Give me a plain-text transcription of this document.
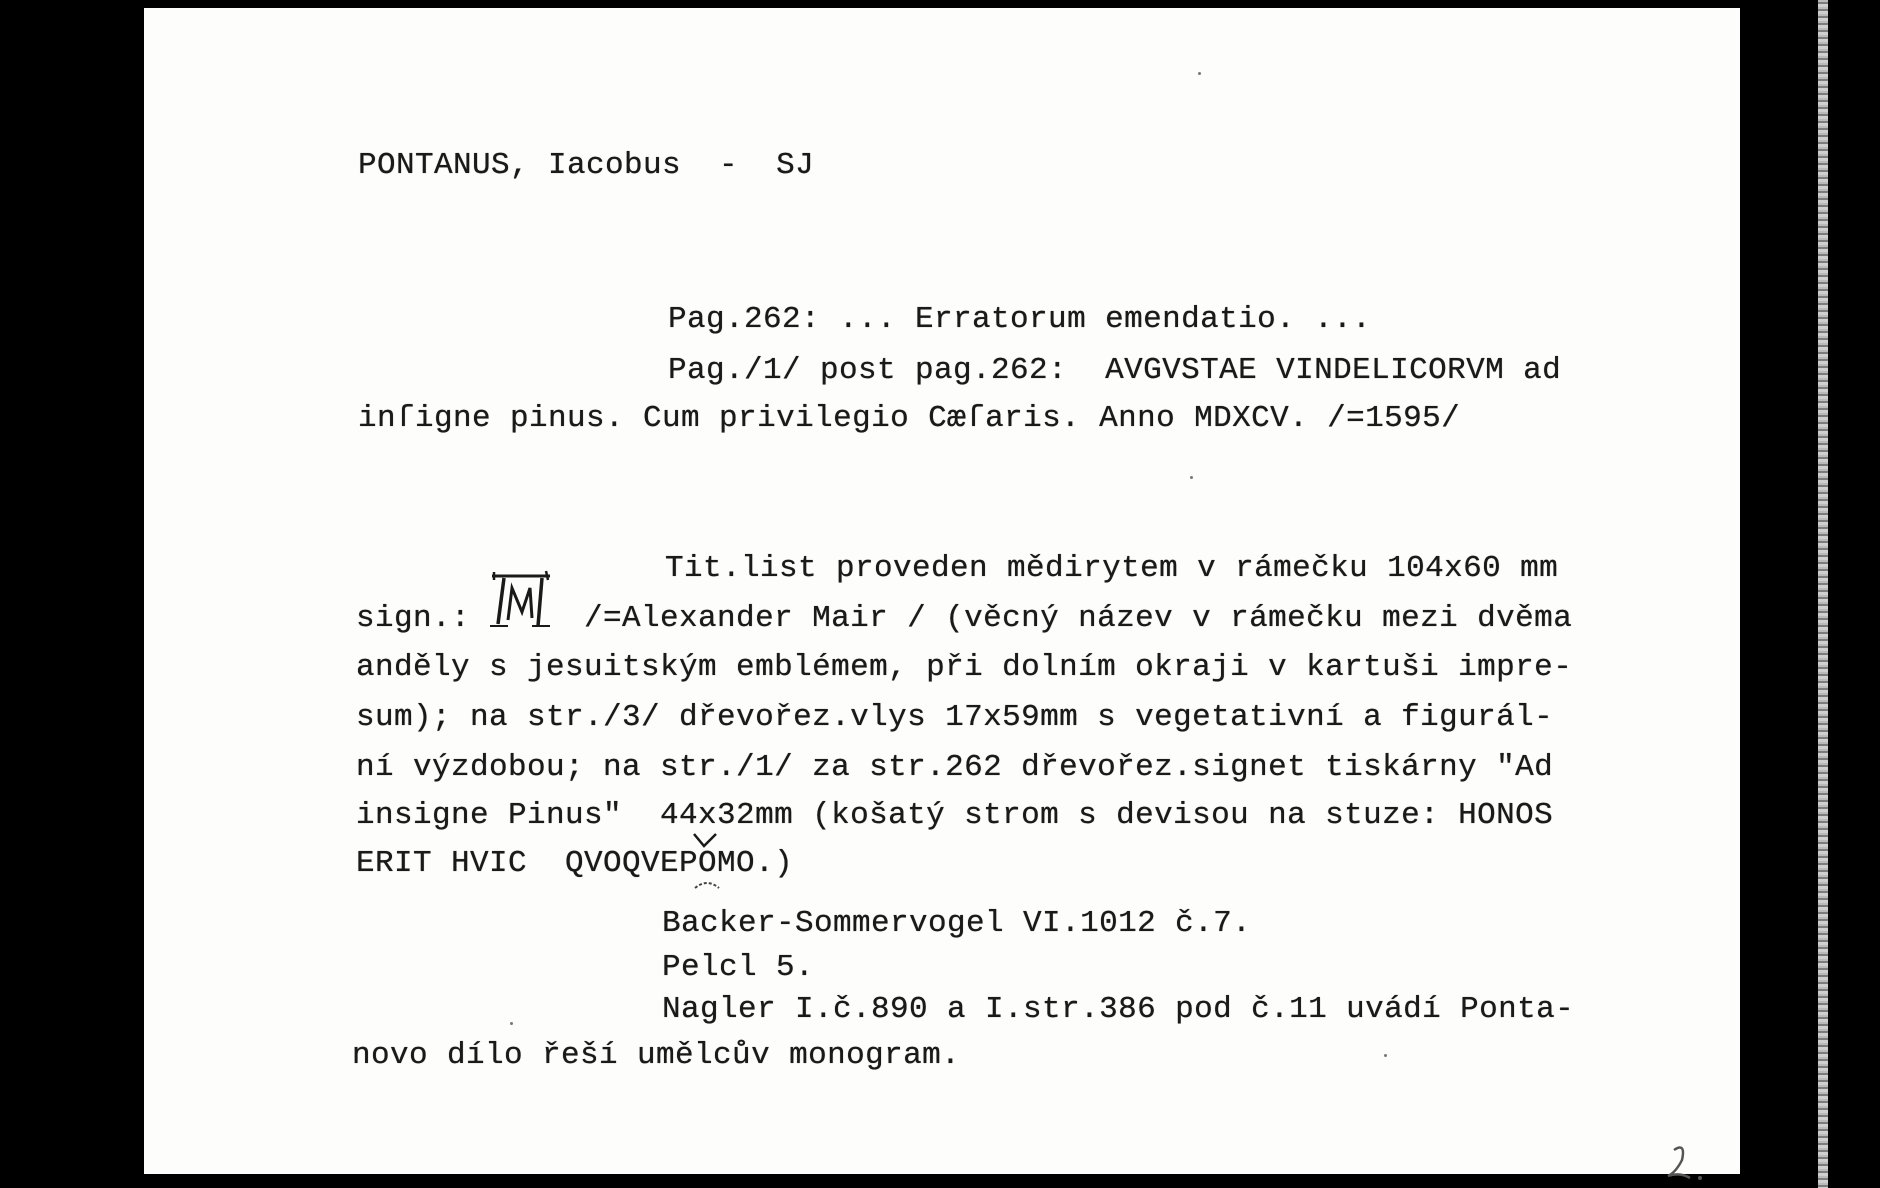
PONTANUS, Iacobus  -  SJ
Pag.262: ... Erratorum emendatio. ...
Pag./1/ post pag.262:  AVGVSTAE VINDELICORVM ad
inſigne pinus. Cum privilegio Cæſaris. Anno MDXCV. /=1595/
Tit.list proveden mědirytem v rámečku 104x60 mm
sign.:      /=Alexander Mair / (věcný název v rámečku mezi dvěma
anděly s jesuitským emblémem, při dolním okraji v kartuši impre-
sum); na str./3/ dřevořez.vlys 17x59mm s vegetativní a figurál-
ní výzdobou; na str./1/ za str.262 dřevořez.signet tiskárny "Ad
insigne Pinus"  44x32mm (košatý strom s devisou na stuze: HONOS
ERIT HVIC  QVOQVEPOMO.)
Backer-Sommervogel VI.1012 č.7.
Pelcl 5.
Nagler I.č.890 a I.str.386 pod č.11 uvádí Ponta-
novo dílo řeší umělcův monogram.
